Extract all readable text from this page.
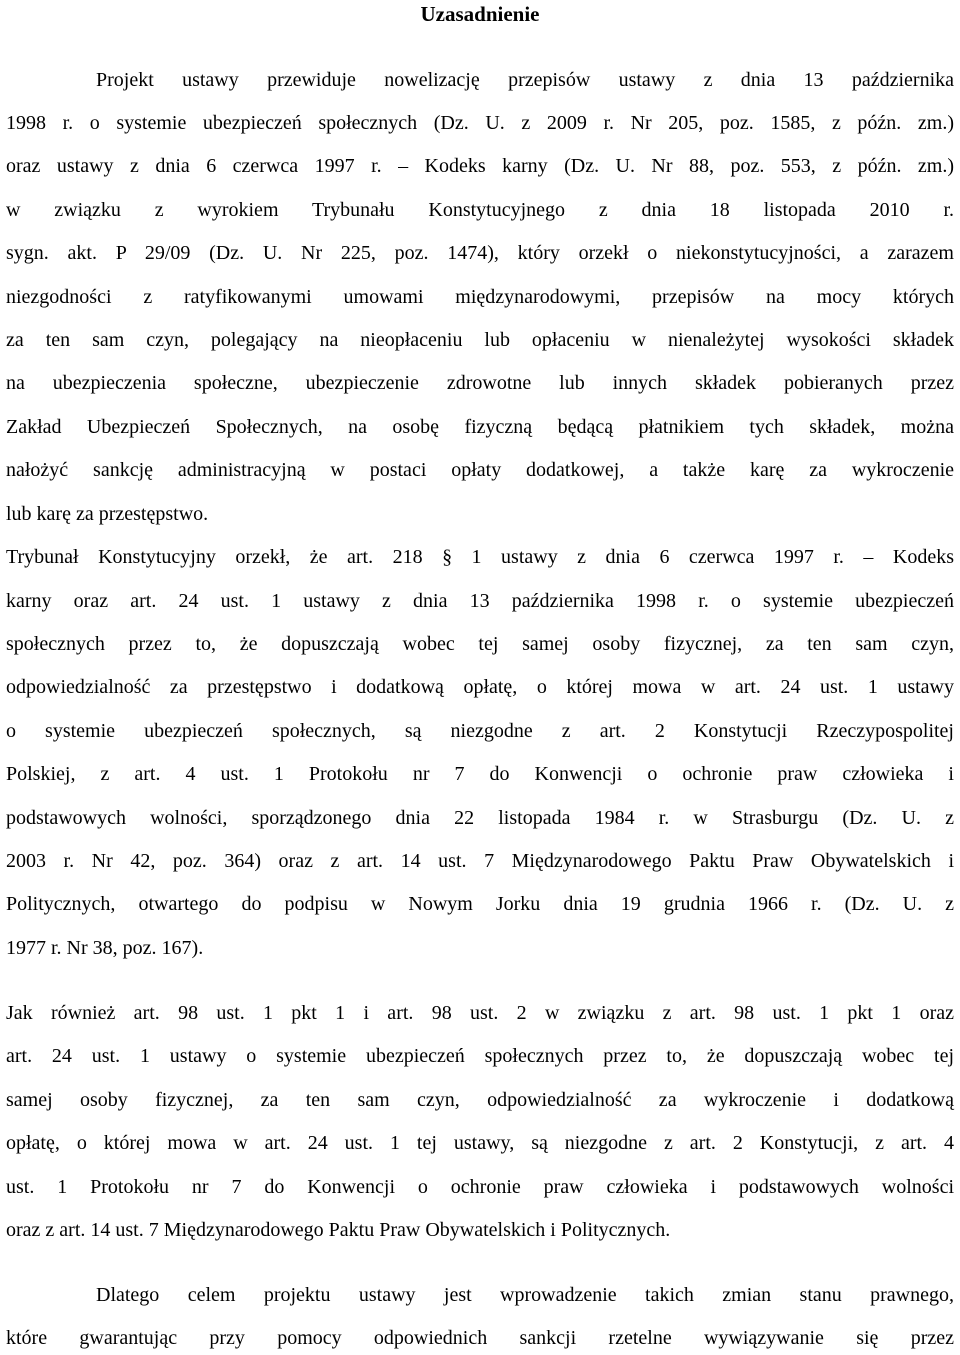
Uzasadnienie
Projekt ustawy przewiduje nowelizację przepisów ustawy z dnia 13 października
1998 r. o systemie ubezpieczeń społecznych (Dz. U. z 2009 r. Nr 205, poz. 1585, z późn. zm.)
oraz ustawy z dnia 6 czerwca 1997 r. – Kodeks karny (Dz. U. Nr 88, poz. 553, z późn. zm.)
w związku z wyrokiem Trybunału Konstytucyjnego z dnia 18 listopada 2010 r.
sygn. akt. P 29/09 (Dz. U. Nr 225, poz. 1474), który orzekł o niekonstytucyjności, a zarazem
niezgodności z ratyfikowanymi umowami międzynarodowymi, przepisów na mocy których
za ten sam czyn, polegający na nieopłaceniu lub opłaceniu w nienależytej wysokości składek
na ubezpieczenia społeczne, ubezpieczenie zdrowotne lub innych składek pobieranych przez
Zakład Ubezpieczeń Społecznych, na osobę fizyczną będącą płatnikiem tych składek, można
nałożyć sankcję administracyjną w postaci opłaty dodatkowej, a także karę za wykroczenie
lub karę za przestępstwo.
Trybunał Konstytucyjny orzekł, że art. 218 § 1 ustawy z dnia 6 czerwca 1997 r. – Kodeks
karny oraz art. 24 ust. 1 ustawy z dnia 13 października 1998 r. o systemie ubezpieczeń
społecznych przez to, że dopuszczają wobec tej samej osoby fizycznej, za ten sam czyn,
odpowiedzialność za przestępstwo i dodatkową opłatę, o której mowa w art. 24 ust. 1 ustawy
o systemie ubezpieczeń społecznych, są niezgodne z art. 2 Konstytucji Rzeczypospolitej
Polskiej, z art. 4 ust. 1 Protokołu nr 7 do Konwencji o ochronie praw człowieka i
podstawowych wolności, sporządzonego dnia 22 listopada 1984 r. w Strasburgu (Dz. U. z
2003 r. Nr 42, poz. 364) oraz z art. 14 ust. 7 Międzynarodowego Paktu Praw Obywatelskich i
Politycznych, otwartego do podpisu w Nowym Jorku dnia 19 grudnia 1966 r. (Dz. U. z
1977 r. Nr 38, poz. 167).
Jak również art. 98 ust. 1 pkt 1 i art. 98 ust. 2 w związku z art. 98 ust. 1 pkt 1 oraz
art. 24 ust. 1 ustawy o systemie ubezpieczeń społecznych przez to, że dopuszczają wobec tej
samej osoby fizycznej, za ten sam czyn, odpowiedzialność za wykroczenie i dodatkową
opłatę, o której mowa w art. 24 ust. 1 tej ustawy, są niezgodne z art. 2 Konstytucji, z art. 4
ust. 1 Protokołu nr 7 do Konwencji o ochronie praw człowieka i podstawowych wolności
oraz z art. 14 ust. 7 Międzynarodowego Paktu Praw Obywatelskich i Politycznych.
Dlatego celem projektu ustawy jest wprowadzenie takich zmian stanu prawnego,
które gwarantując przy pomocy odpowiednich sankcji rzetelne wywiązywanie się przez
